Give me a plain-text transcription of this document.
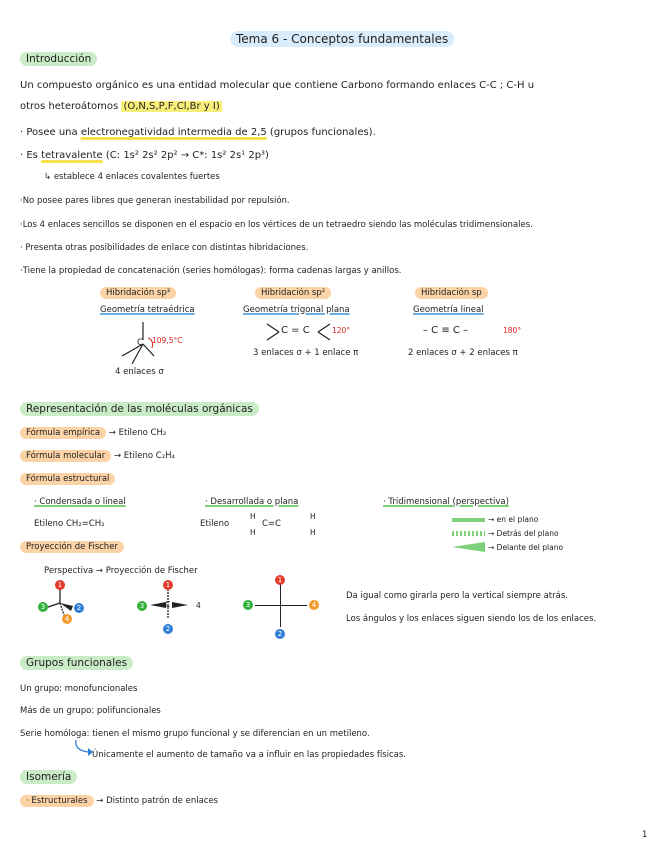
Tema 6 - Conceptos fundamentales
Introducción
Un compuesto orgánico es una entidad molecular que contiene Carbono formando enlaces C-C ; C-H u
otros heteroátomos (O,N,S,P,F,Cl,Br y I)
· Posee una electronegatividad intermedia de 2,5 (grupos funcionales).
· Es tetravalente (C: 1s² 2s² 2p² → C*: 1s² 2s¹ 2p³)
↳ establece 4 enlaces covalentes fuertes
·No posee pares libres que generan inestabilidad por repulsión.
·Los 4 enlaces sencillos se disponen en el espacio en los vértices de un tetraedro siendo las moléculas tridimensionales.
· Presenta otras posibilidades de enlace con distintas hibridaciones.
·Tiene la propiedad de concatenación (series homólogas): forma cadenas largas y anillos.
Hibridación sp³
Geometría tetraédrica
C 109,5°C
4 enlaces σ
Hibridación sp²
Geometría trigonal plana
C = C	120°
3 enlaces σ + 1 enlace π
Hibridación sp
Geometría lineal
– C ≡ C –	180°
2 enlaces σ + 2 enlaces π
Representación de las moléculas orgánicas
Fórmula empírica → Etileno CH₂
Fórmula molecular → Etileno C₂H₄
Fórmula estructural
· Condensada o lineal
Etileno CH₂=CH₂
· Desarrollada o plana
Etileno
H
H
C=C
H
H
· Tridimensional (perspectiva)
→ en el plano
→ Detrás del plano
→ Delante del plano
Proyección de Fischer
Perspectiva → Proyección de Fischer
1
3	2
4
C
1
3	4
2
1
3	4
2
Da igual como girarla pero la vertical siempre atrás.
Los ángulos y los enlaces siguen siendo los de los enlaces.
Grupos funcionales
Un grupo: monofuncionales
Más de un grupo: polifuncionales
Serie homóloga: tienen el mismo grupo funcional y se diferencian en un metileno.
Únicamente el aumento de tamaño va a influir en las propiedades físicas.
Isomería
· Estructurales → Distinto patrón de enlaces
1
